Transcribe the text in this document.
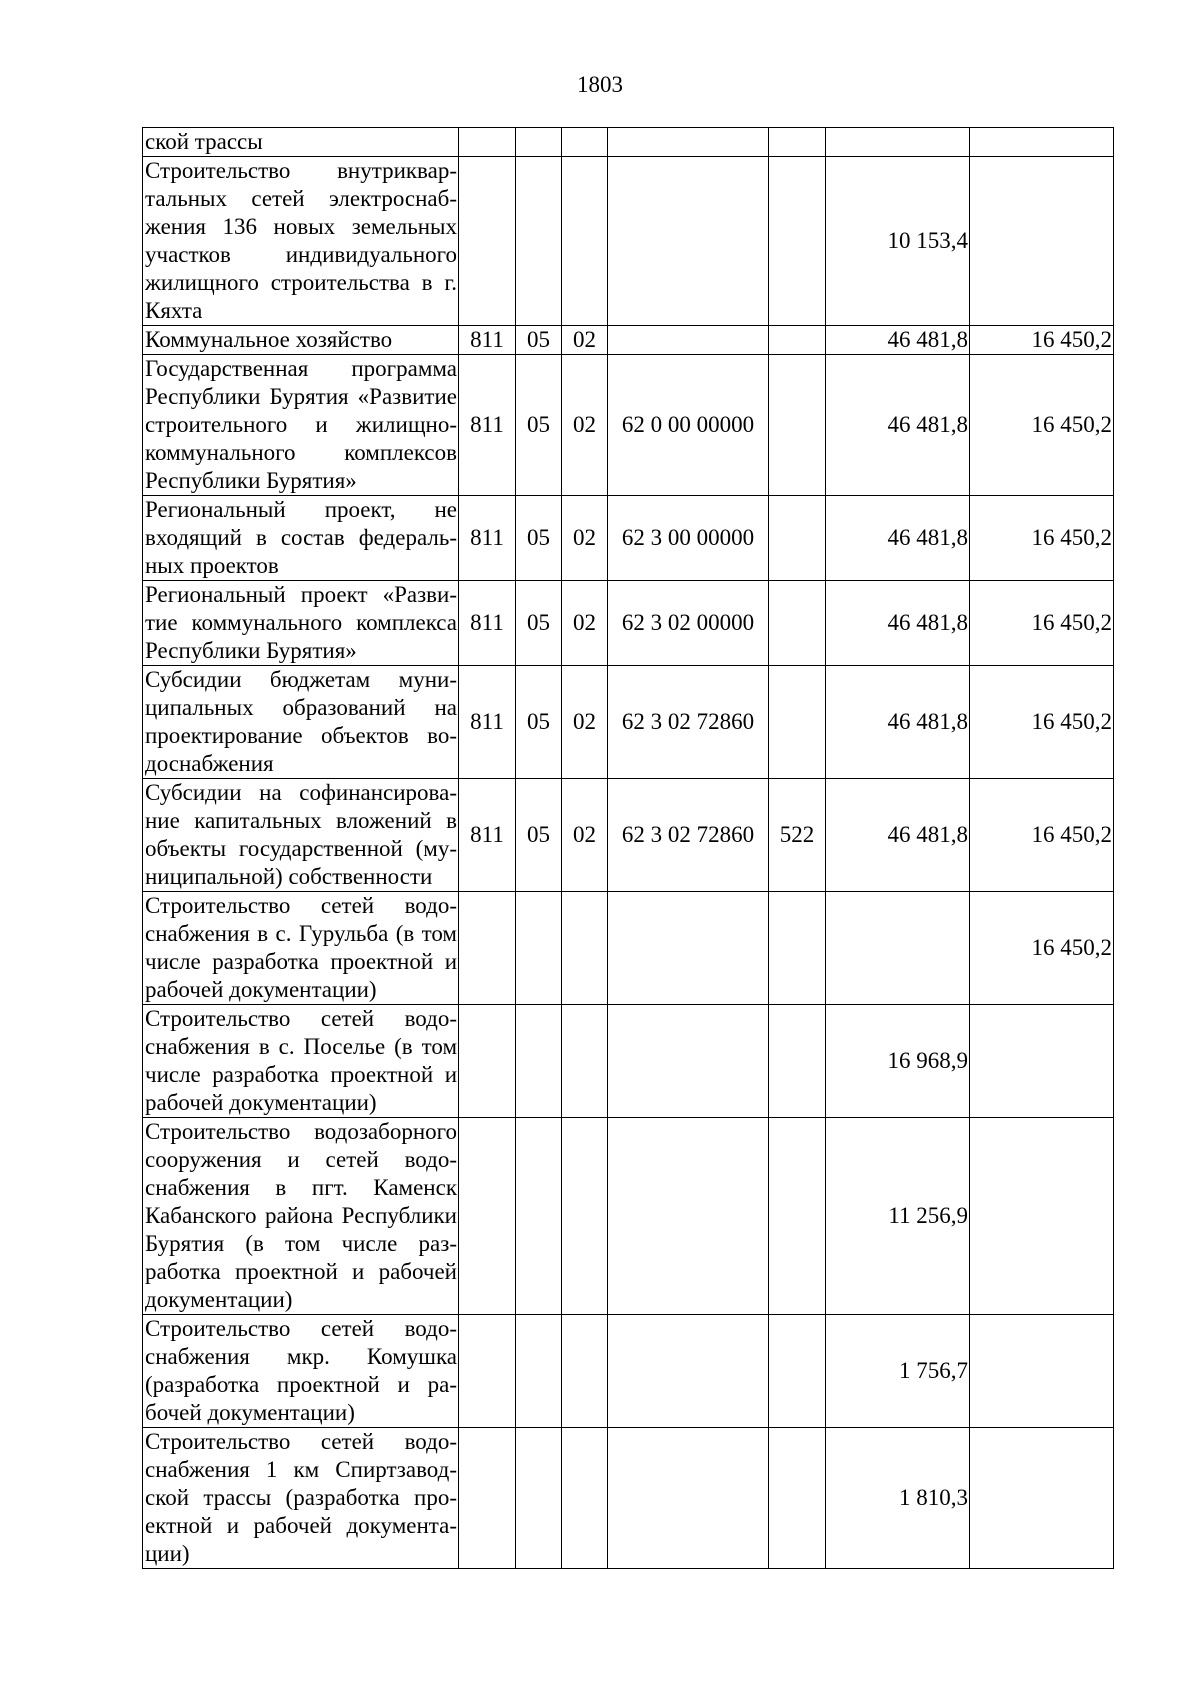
1803
ской трассы							
Строительство внутриквартальных сетей электроснабжения 136 новых земельных участков индивидуального жилищного строительства в г. Кяхта						10 153,4	
Коммунальное хозяйство	811	05	02			46 481,8	16 450,2
Государственная программа Республики Бурятия «Развитие строительного и жилищно-коммунального комплексов Республики Бурятия»	811	05	02	62 0 00 00000		46 481,8	16 450,2
Региональный проект, не входящий в состав федеральных проектов	811	05	02	62 3 00 00000		46 481,8	16 450,2
Региональный проект «Развитие коммунального комплекса Республики Бурятия»	811	05	02	62 3 02 00000		46 481,8	16 450,2
Субсидии бюджетам муниципальных образований на проектирование объектов водоснабжения	811	05	02	62 3 02 72860		46 481,8	16 450,2
Субсидии на софинансирование капитальных вложений в объекты государственной (муниципальной) собственности	811	05	02	62 3 02 72860	522	46 481,8	16 450,2
Строительство сетей водоснабжения в с. Гурульба (в том числе разработка проектной и рабочей документации)							16 450,2
Строительство сетей водоснабжения в с. Поселье (в том числе разработка проектной и рабочей документации)						16 968,9	
Строительство водозаборного сооружения и сетей водоснабжения в пгт. Каменск Кабанского района Республики Бурятия (в том числе разработка проектной и рабочей документации)						11 256,9	
Строительство сетей водоснабжения мкр. Комушка (разработка проектной и рабочей документации)						1 756,7	
Строительство сетей водоснабжения 1 км Спиртзаводской трассы (разработка проектной и рабочей документации)						1 810,3	
